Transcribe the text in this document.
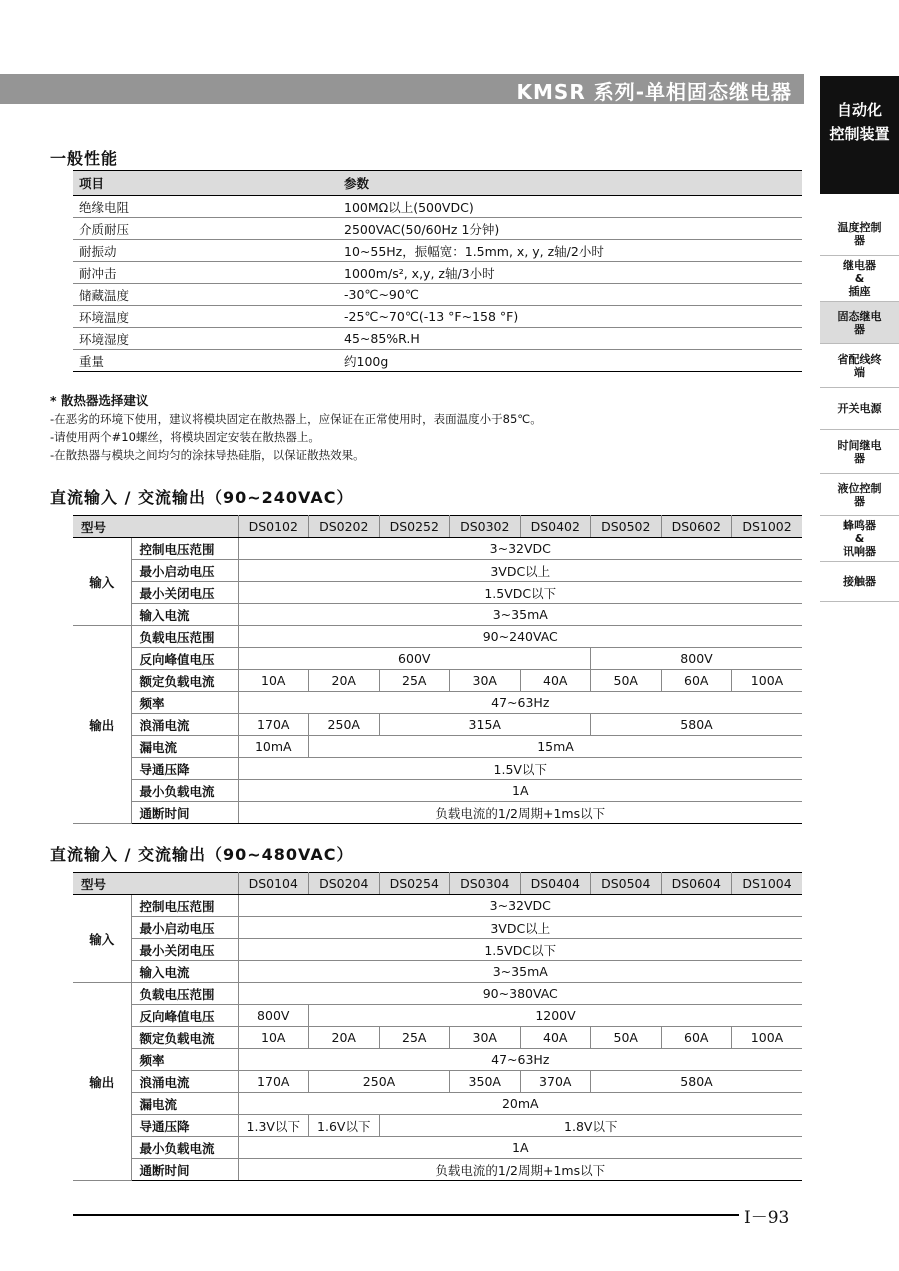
KMSR 系列-单相固态继电器
自动化
控制装置
温度控制
器
继电器
&
插座
固态继电
器
省配线终
端
开关电源
时间继电
器
液位控制
器
蜂鸣器
&
讯响器
接触器
一般性能
项目	参数
绝缘电阻	100MΩ以上(500VDC)
介质耐压	2500VAC(50/60Hz 1分钟)
耐振动	10~55Hz，振幅宽：1.5mm, x, y, z轴/2小时
耐冲击	1000m/s², x,y, z轴/3小时
储藏温度	-30℃~90℃
环境温度	-25℃~70℃(-13 °F~158 °F)
环境湿度	45~85%R.H
重量	约100g
* 散热器选择建议
-在恶劣的环境下使用，建议将模块固定在散热器上，应保证在正常使用时，表面温度小于85℃。
-请使用两个#10螺丝，将模块固定安装在散热器上。
-在散热器与模块之间均匀的涂抹导热硅脂，以保证散热效果。
直流输入 / 交流输出（90~240VAC）
型号		DS0102	DS0202	DS0252	DS0302	DS0402	DS0502	DS0602	DS1002
输入	控制电压范围	3~32VDC							
	最小启动电压	3VDC以上							
	最小关闭电压	1.5VDC以下							
	输入电流	3~35mA							
输出	负载电压范围	90~240VAC							
	反向峰值电压	600V					800V		
	额定负载电流	10A	20A	25A	30A	40A	50A	60A	100A
	频率	47~63Hz							
	浪涌电流	170A	250A	315A			580A		
	漏电流	10mA	15mA						
	导通压降	1.5V以下							
	最小负载电流	1A							
	通断时间	负载电流的1/2周期+1ms以下							
直流输入 / 交流输出（90~480VAC）
型号		DS0104	DS0204	DS0254	DS0304	DS0404	DS0504	DS0604	DS1004
输入	控制电压范围	3~32VDC							
	最小启动电压	3VDC以上							
	最小关闭电压	1.5VDC以下							
	输入电流	3~35mA							
输出	负载电压范围	90~380VAC							
	反向峰值电压	800V	1200V						
	额定负载电流	10A	20A	25A	30A	40A	50A	60A	100A
	频率	47~63Hz							
	浪涌电流	170A	250A		350A	370A	580A		
	漏电流	20mA							
	导通压降	1.3V以下	1.6V以下	1.8V以下					
	最小负载电流	1A							
	通断时间	负载电流的1/2周期+1ms以下							
I－93
